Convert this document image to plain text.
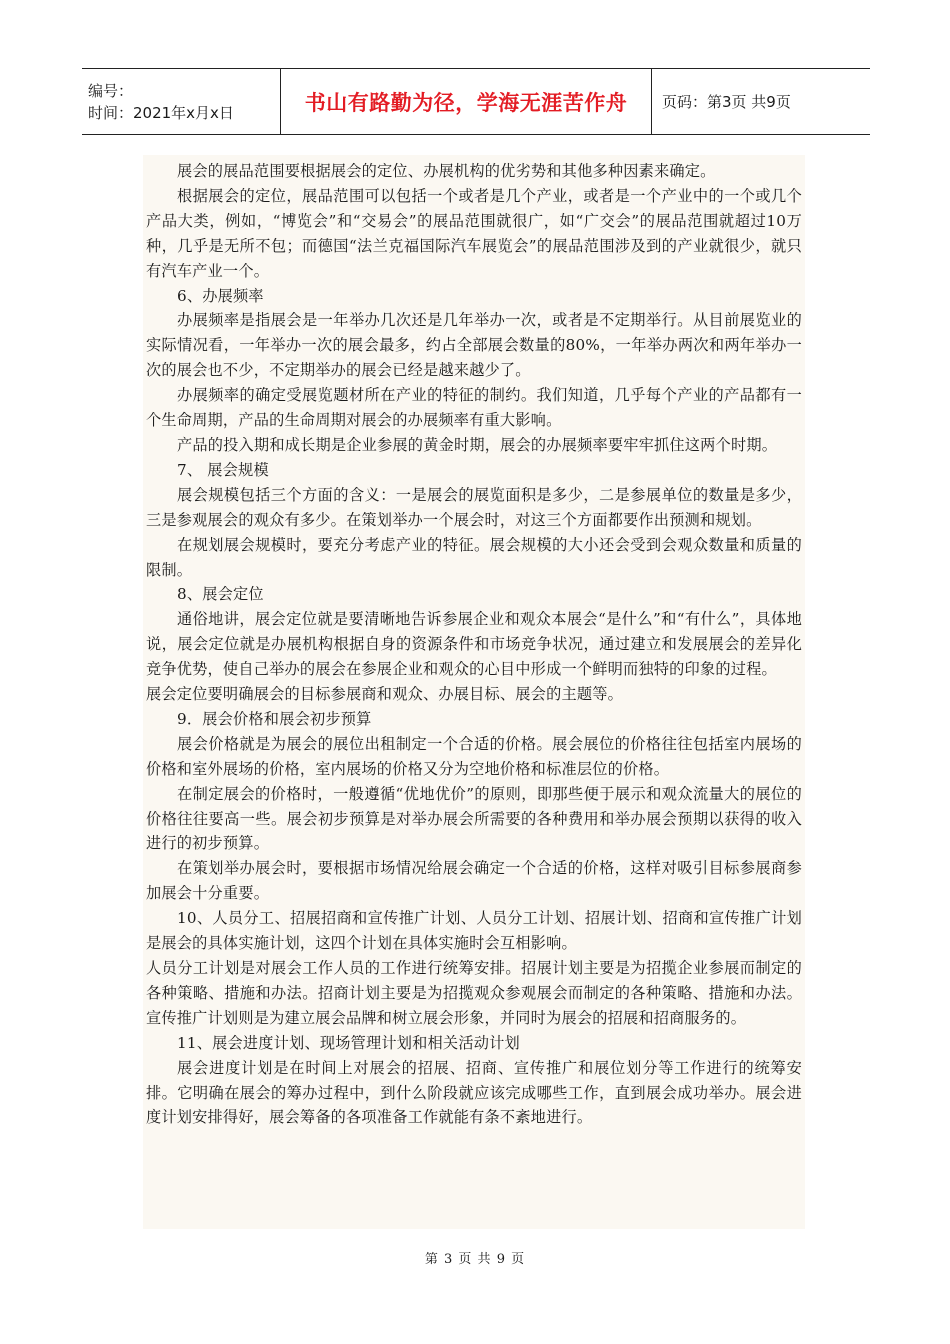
编号：
时间：2021年x月x日	书山有路勤为径，学海无涯苦作舟 页码：第3页 共9页

展会的展品范围要根据展会的定位、办展机构的优劣势和其他多种因素来确定。

根据展会的定位，展品范围可以包括一个或者是几个产业，或者是一个产业中的一个或几个产品大类，例如，“博览会”和“交易会”的展品范围就很广，如“广交会”的展品范围就超过10万种，几乎是无所不包；而德国“法兰克福国际汽车展览会”的展品范围涉及到的产业就很少，就只有汽车产业一个。

6、办展频率

办展频率是指展会是一年举办几次还是几年举办一次，或者是不定期举行。从目前展览业的实际情况看，一年举办一次的展会最多，约占全部展会数量的80%，一年举办两次和两年举办一次的展会也不少，不定期举办的展会已经是越来越少了。

办展频率的确定受展览题材所在产业的特征的制约。我们知道，几乎每个产业的产品都有一个生命周期，产品的生命周期对展会的办展频率有重大影响。

产品的投入期和成长期是企业参展的黄金时期，展会的办展频率要牢牢抓住这两个时期。

7、 展会规模

展会规模包括三个方面的含义：一是展会的展览面积是多少，二是参展单位的数量是多少，三是参观展会的观众有多少。在策划举办一个展会时，对这三个方面都要作出预测和规划。

在规划展会规模时，要充分考虑产业的特征。展会规模的大小还会受到会观众数量和质量的限制。

8、展会定位

通俗地讲，展会定位就是要清晰地告诉参展企业和观众本展会“是什么”和“有什么”，具体地说，展会定位就是办展机构根据自身的资源条件和市场竞争状况，通过建立和发展展会的差异化竞争优势，使自己举办的展会在参展企业和观众的心目中形成一个鲜明而独特的印象的过程。

展会定位要明确展会的目标参展商和观众、办展目标、展会的主题等。

9．展会价格和展会初步预算

展会价格就是为展会的展位出租制定一个合适的价格。展会展位的价格往往包括室内展场的价格和室外展场的价格，室内展场的价格又分为空地价格和标准层位的价格。

在制定展会的价格时，一般遵循“优地优价”的原则，即那些便于展示和观众流量大的展位的价格往往要高一些。展会初步预算是对举办展会所需要的各种费用和举办展会预期以获得的收入进行的初步预算。

在策划举办展会时，要根据市场情况给展会确定一个合适的价格，这样对吸引目标参展商参加展会十分重要。

10、人员分工、招展招商和宣传推广计划、人员分工计划、招展计划、招商和宣传推广计划是展会的具体实施计划，这四个计划在具体实施时会互相影响。

人员分工计划是对展会工作人员的工作进行统筹安排。招展计划主要是为招揽企业参展而制定的各种策略、措施和办法。招商计划主要是为招揽观众参观展会而制定的各种策略、措施和办法。宣传推广计划则是为建立展会品牌和树立展会形象，并同时为展会的招展和招商服务的。

11、展会进度计划、现场管理计划和相关活动计划

展会进度计划是在时间上对展会的招展、招商、宣传推广和展位划分等工作进行的统筹安排。它明确在展会的筹办过程中，到什么阶段就应该完成哪些工作，直到展会成功举办。展会进度计划安排得好，展会筹备的各项准备工作就能有条不紊地进行。

第 3 页 共 9 页
